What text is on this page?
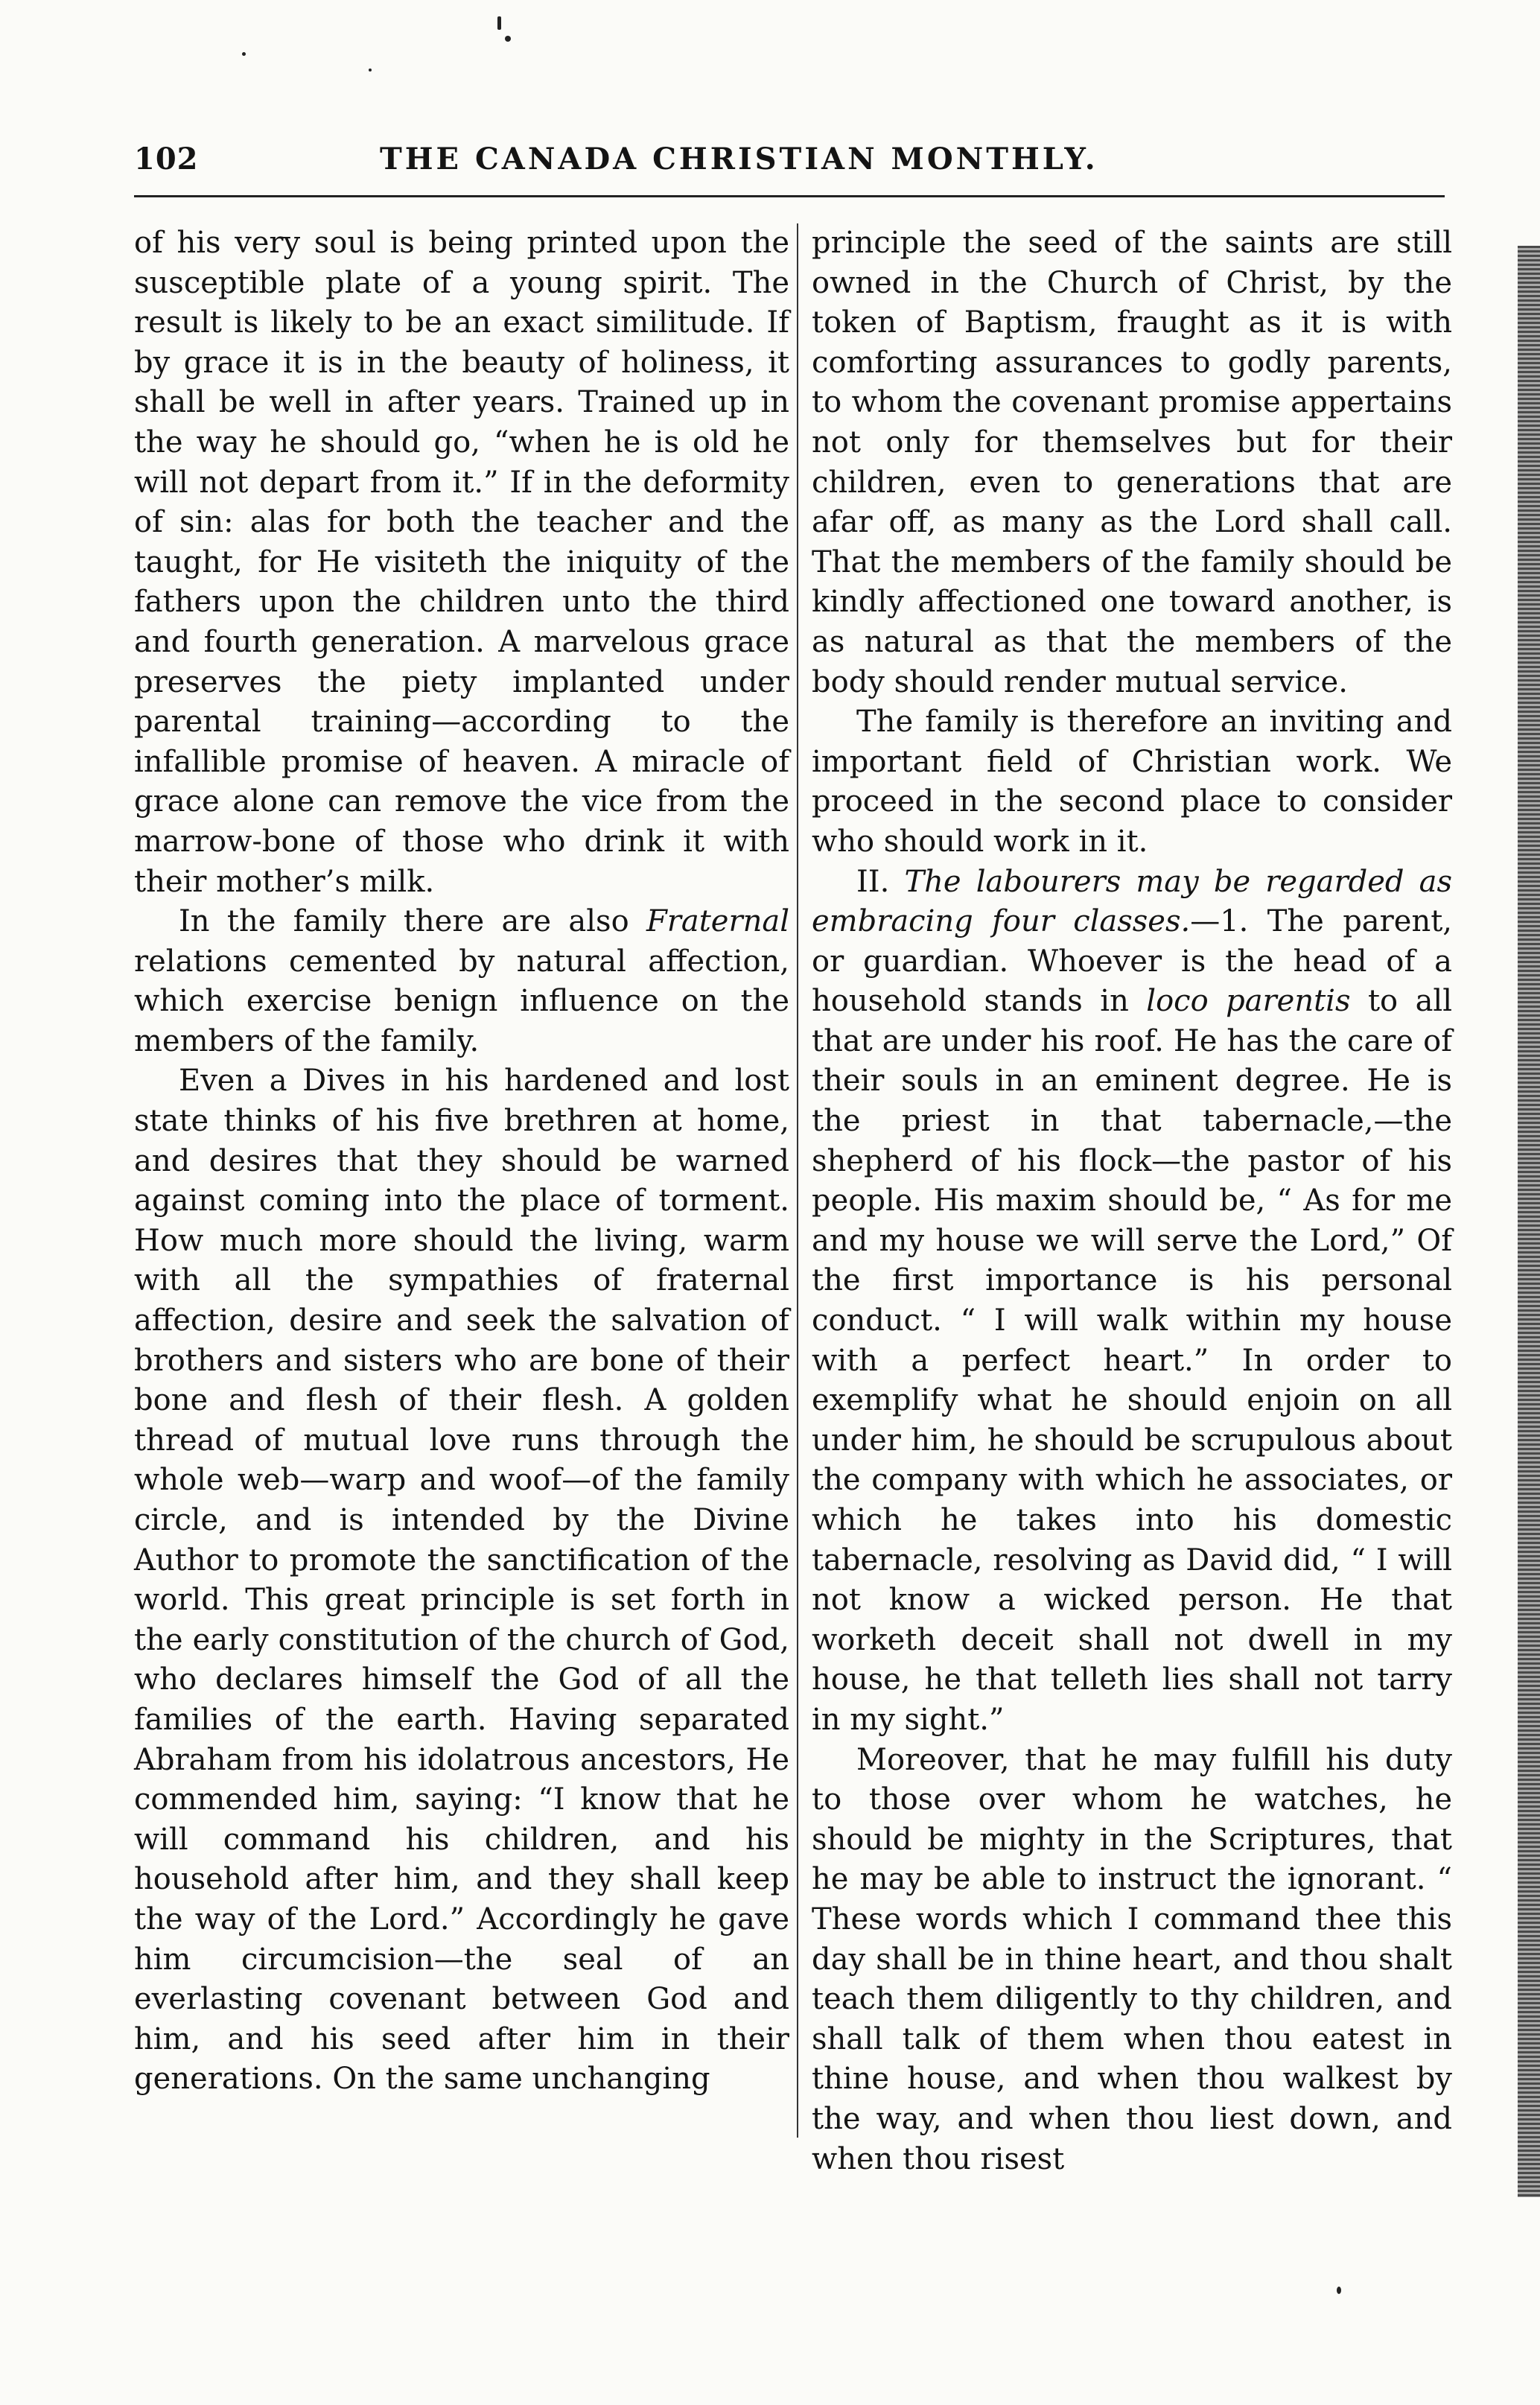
102	THE CANADA CHRISTIAN MONTHLY.

of his very soul is being printed upon the susceptible plate of a young spirit. The result is likely to be an exact similitude. If by grace it is in the beauty of holiness, it shall be well in after years. Trained up in the way he should go, “when he is old he will not depart from it.” If in the deformity of sin: alas for both the teacher and the taught, for He visiteth the iniquity of the fathers upon the children unto the third and fourth generation. A marvelous grace preserves the piety implanted under parental training—according to the infallible promise of heaven. A miracle of grace alone can remove the vice from the marrow-bone of those who drink it with their mother’s milk.

In the family there are also Fraternal relations cemented by natural affection, which exercise benign influence on the members of the family.

Even a Dives in his hardened and lost state thinks of his five brethren at home, and desires that they should be warned against coming into the place of torment. How much more should the living, warm with all the sympathies of fraternal affection, desire and seek the salvation of brothers and sisters who are bone of their bone and flesh of their flesh. A golden thread of mutual love runs through the whole web—warp and woof—of the family circle, and is intended by the Divine Author to promote the sanctification of the world. This great principle is set forth in the early constitution of the church of God, who declares himself the God of all the families of the earth. Having separated Abraham from his idolatrous ancestors, He commended him, saying: “I know that he will command his children, and his household after him, and they shall keep the way of the Lord.” Accordingly he gave him circumcision—the seal of an everlasting covenant between God and him, and his seed after him in their generations. On the same unchanging

principle the seed of the saints are still owned in the Church of Christ, by the token of Baptism, fraught as it is with comforting assurances to godly parents, to whom the covenant promise appertains not only for themselves but for their children, even to generations that are afar off, as many as the Lord shall call. That the members of the family should be kindly affectioned one toward another, is as natural as that the members of the body should render mutual service.

The family is therefore an inviting and important field of Christian work. We proceed in the second place to consider who should work in it.

II. The labourers may be regarded as embracing four classes.—1. The parent, or guardian. Whoever is the head of a household stands in loco parentis to all that are under his roof. He has the care of their souls in an eminent degree. He is the priest in that tabernacle,—the shepherd of his flock—the pastor of his people. His maxim should be, “ As for me and my house we will serve the Lord,” Of the first importance is his personal conduct. “ I will walk within my house with a perfect heart.” In order to exemplify what he should enjoin on all under him, he should be scrupulous about the company with which he associates, or which he takes into his domestic tabernacle, resolving as David did, “ I will not know a wicked person. He that worketh deceit shall not dwell in my house, he that telleth lies shall not tarry in my sight.”

Moreover, that he may fulfill his duty to those over whom he watches, he should be mighty in the Scriptures, that he may be able to instruct the ignorant. “ These words which I command thee this day shall be in thine heart, and thou shalt teach them diligently to thy children, and shall talk of them when thou eatest in thine house, and when thou walkest by the way, and when thou liest down, and when thou risest
